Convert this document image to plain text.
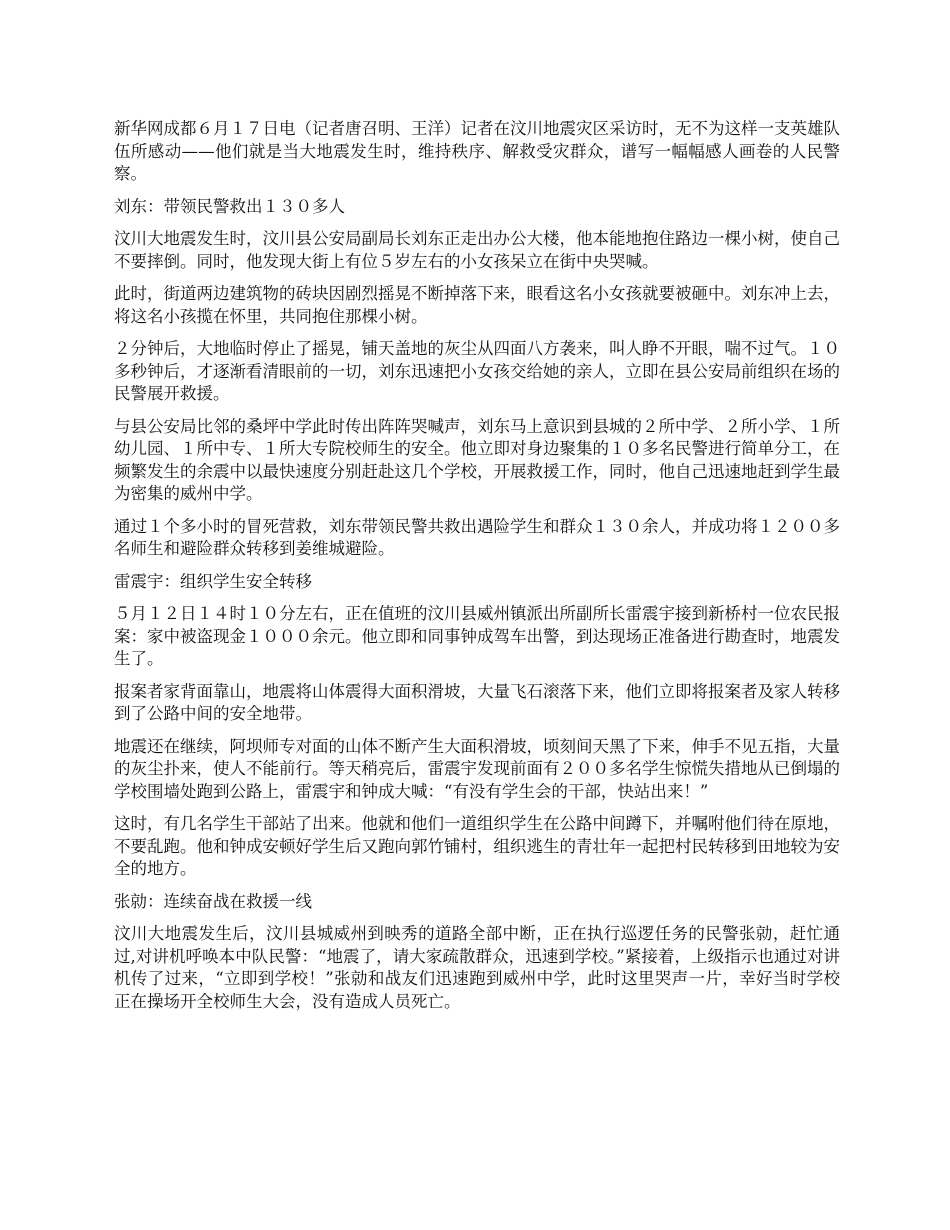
新华网成都６月１７日电（记者唐召明、王洋）记者在汶川地震灾区采访时，无不为这样一支英雄队伍所感动——他们就是当大地震发生时，维持秩序、解救受灾群众，谱写一幅幅感人画卷的人民警察。

刘东：带领民警救出１３０多人

汶川大地震发生时，汶川县公安局副局长刘东正走出办公大楼，他本能地抱住路边一棵小树，使自己不要摔倒。同时，他发现大街上有位５岁左右的小女孩呆立在街中央哭喊。

此时，街道两边建筑物的砖块因剧烈摇晃不断掉落下来，眼看这名小女孩就要被砸中。刘东冲上去，将这名小孩揽在怀里，共同抱住那棵小树。

２分钟后，大地临时停止了摇晃，铺天盖地的灰尘从四面八方袭来，叫人睁不开眼，喘不过气。１０多秒钟后，才逐渐看清眼前的一切，刘东迅速把小女孩交给她的亲人，立即在县公安局前组织在场的民警展开救援。

与县公安局比邻的桑坪中学此时传出阵阵哭喊声，刘东马上意识到县城的２所中学、２所小学、１所幼儿园、１所中专、１所大专院校师生的安全。他立即对身边聚集的１０多名民警进行简单分工，在频繁发生的余震中以最快速度分别赶赴这几个学校，开展救援工作，同时，他自己迅速地赶到学生最为密集的威州中学。

通过１个多小时的冒死营救，刘东带领民警共救出遇险学生和群众１３０余人，并成功将１２００多名师生和避险群众转移到姜维城避险。

雷震宇：组织学生安全转移

５月１２日１４时１０分左右，正在值班的汶川县威州镇派出所副所长雷震宇接到新桥村一位农民报案：家中被盗现金１０００余元。他立即和同事钟成驾车出警，到达现场正准备进行勘查时，地震发生了。

报案者家背面靠山，地震将山体震得大面积滑坡，大量飞石滚落下来，他们立即将报案者及家人转移到了公路中间的安全地带。

地震还在继续，阿坝师专对面的山体不断产生大面积滑坡，顷刻间天黑了下来，伸手不见五指，大量的灰尘扑来，使人不能前行。等天稍亮后，雷震宇发现前面有２００多名学生惊慌失措地从已倒塌的学校围墙处跑到公路上，雷震宇和钟成大喊：“有没有学生会的干部，快站出来！”

这时，有几名学生干部站了出来。他就和他们一道组织学生在公路中间蹲下，并嘱咐他们待在原地，不要乱跑。他和钟成安顿好学生后又跑向郭竹铺村，组织逃生的青壮年一起把村民转移到田地较为安全的地方。

张勍：连续奋战在救援一线

汶川大地震发生后，汶川县城威州到映秀的道路全部中断，正在执行巡逻任务的民警张勍，赶忙通过,对讲机呼唤本中队民警：“地震了，请大家疏散群众，迅速到学校。”紧接着，上级指示也通过对讲机传了过来，“立即到学校！”张勍和战友们迅速跑到威州中学，此时这里哭声一片，幸好当时学校正在操场开全校师生大会，没有造成人员死亡。
